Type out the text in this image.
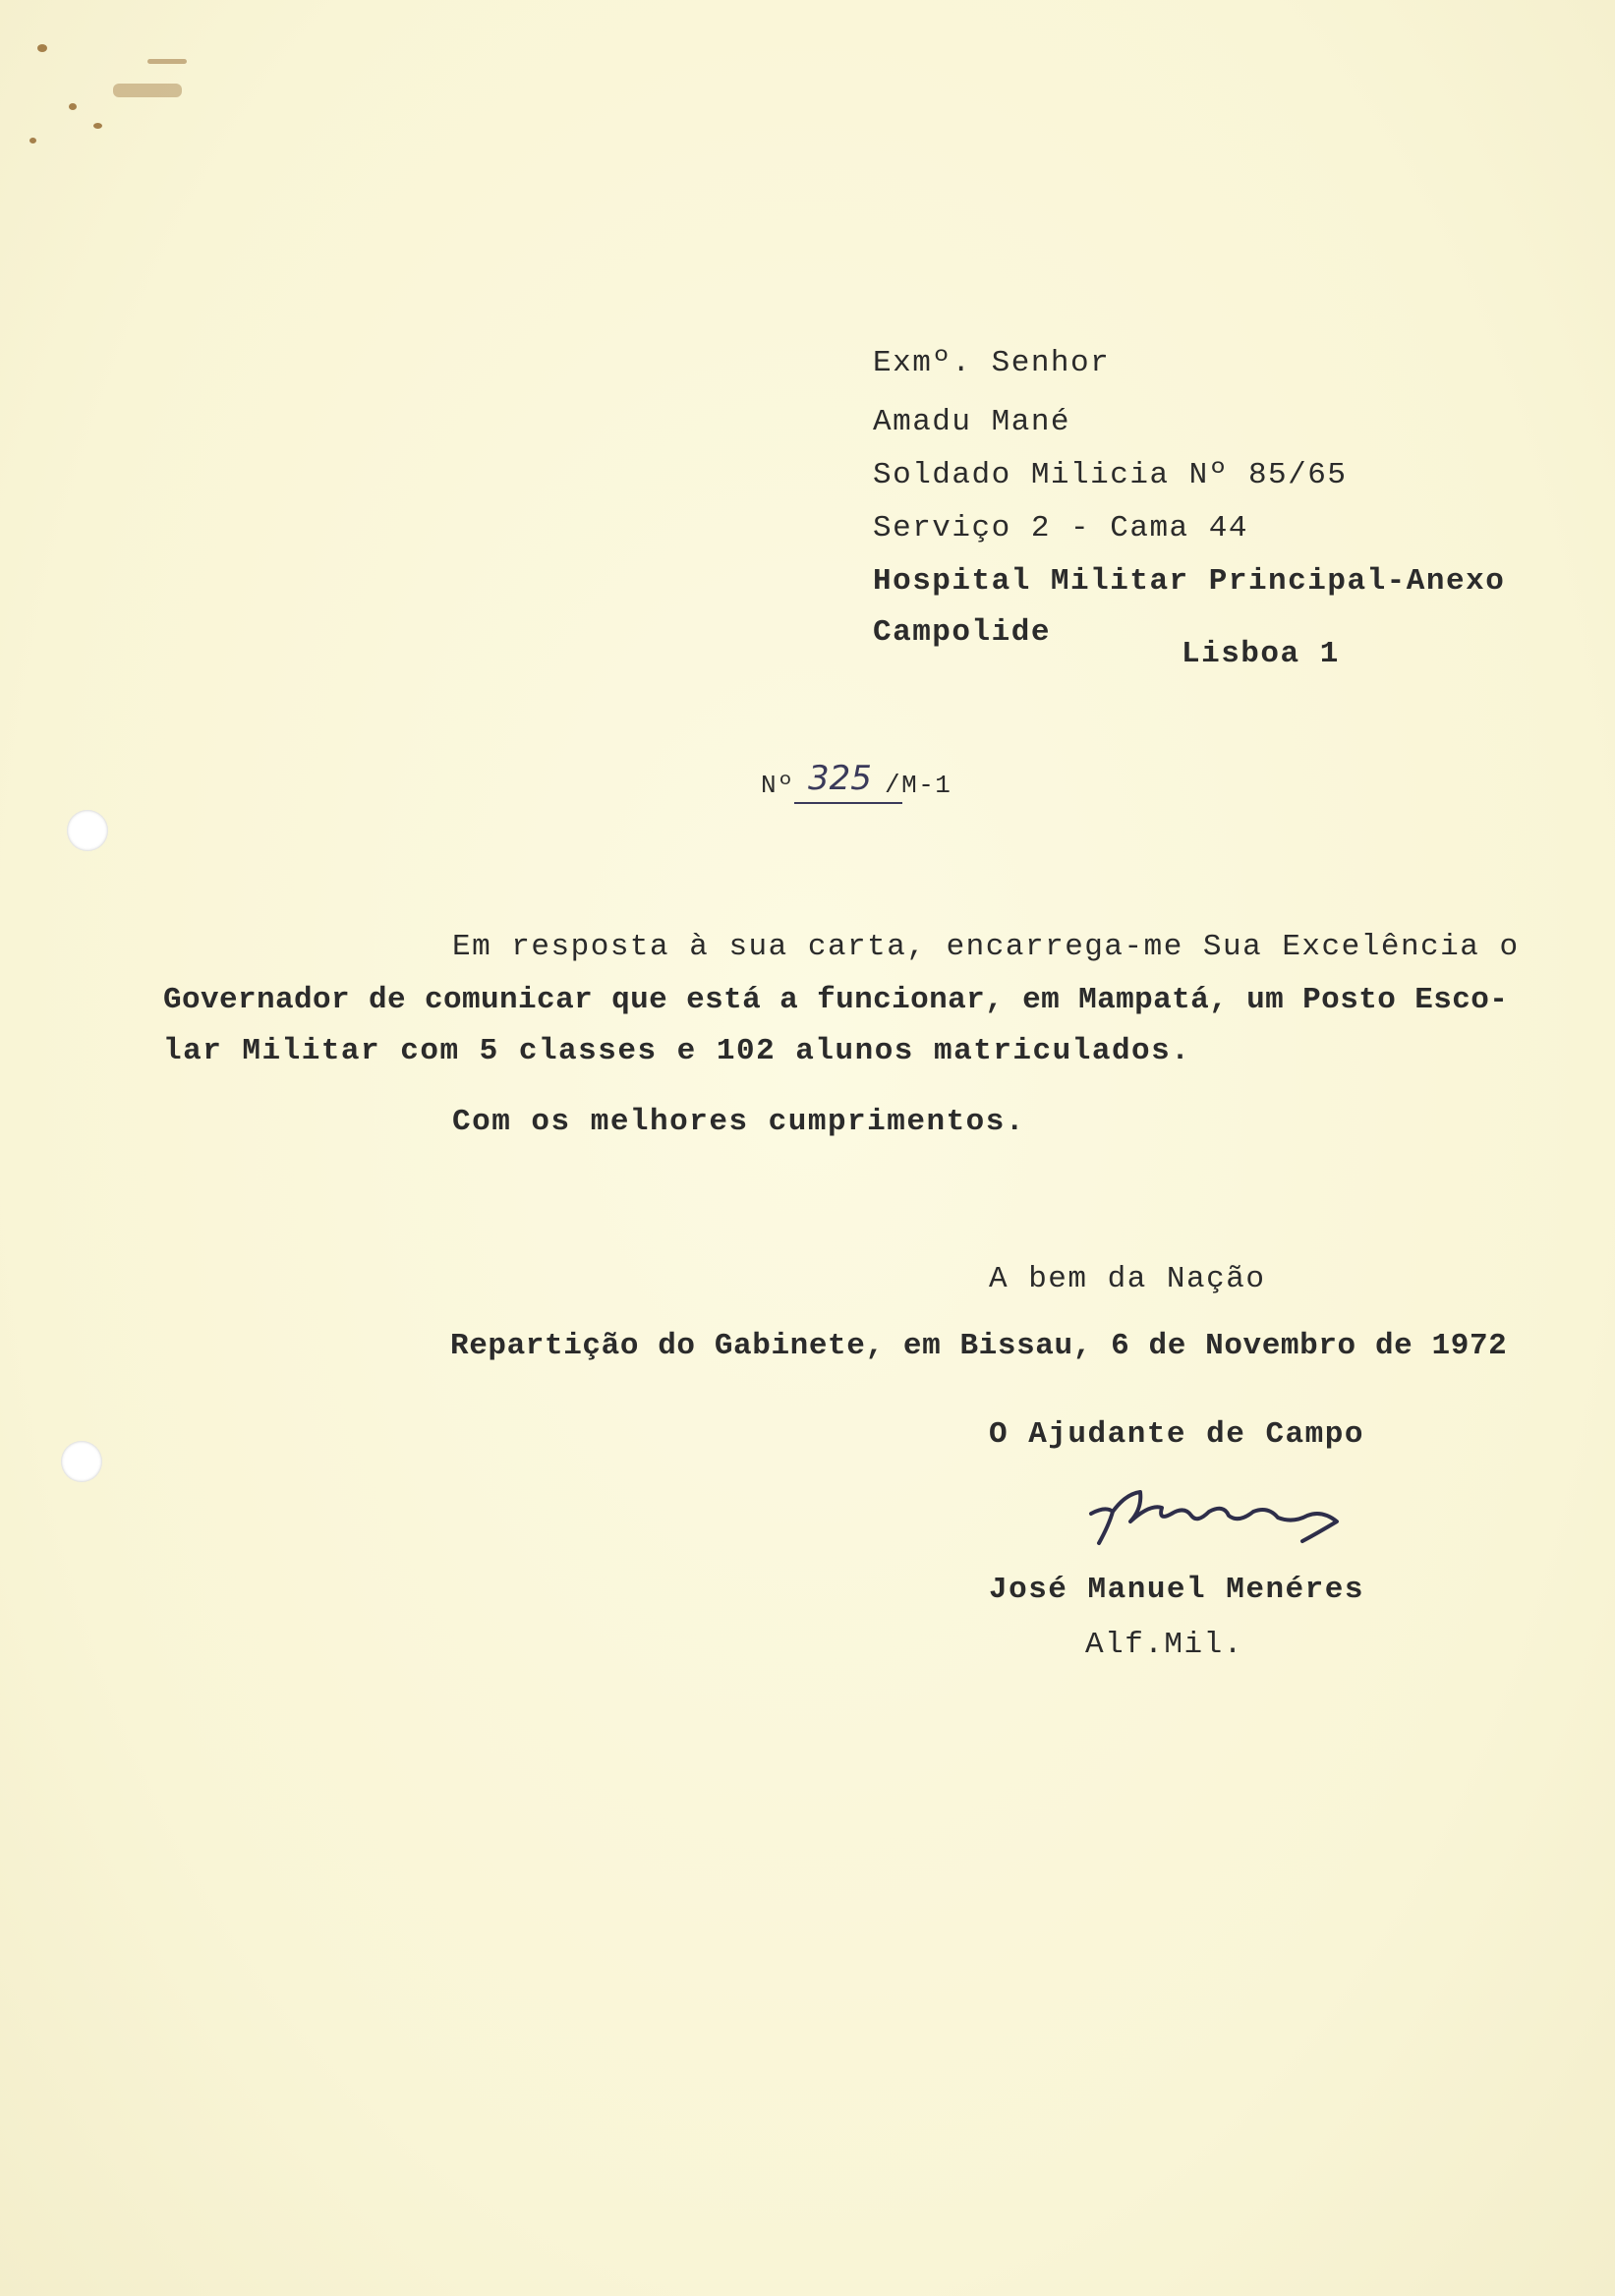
Exmº. Senhor
Amadu Mané
Soldado Milicia Nº 85/65
Serviço 2 - Cama 44
Hospital Militar Principal-Anexo
Campolide
Lisboa 1
Nº 325 /M-1
Em resposta à sua carta, encarrega-me Sua Excelência o
Governador de comunicar que está a funcionar, em Mampatá, um Posto Esco-
lar Militar com 5 classes e 102 alunos matriculados.
Com os melhores cumprimentos.
A bem da Nação
Repartição do Gabinete, em Bissau, 6 de Novembro de 1972
O Ajudante de Campo
José Manuel Menéres
Alf.Mil.
